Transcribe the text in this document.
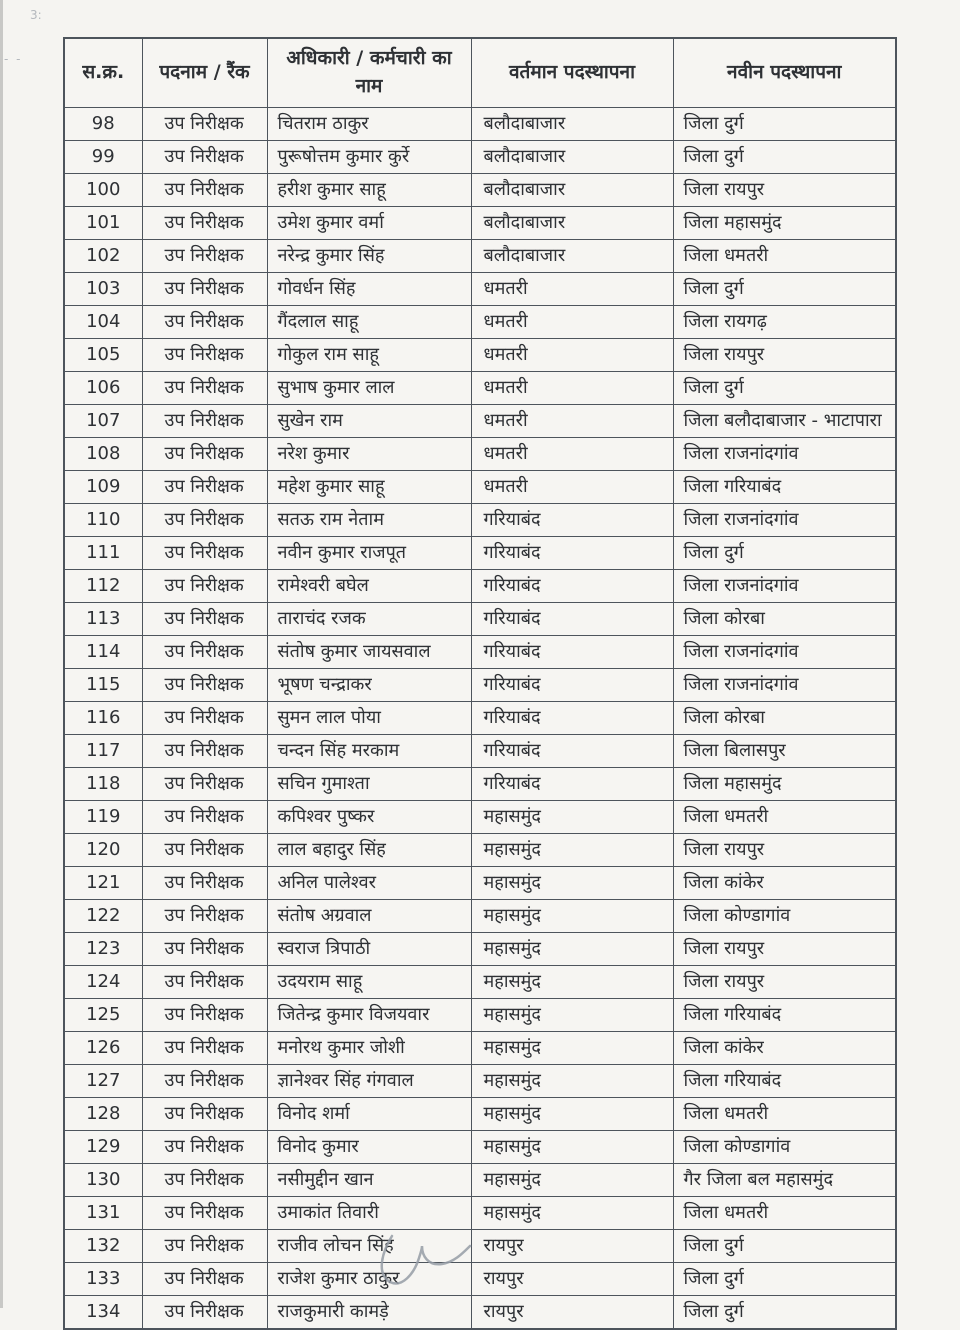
3:
- -
स.क्र.	पदनाम / रैंक	अधिकारी / कर्मचारी का नाम	वर्तमान पदस्थापना	नवीन पदस्थापना
98	उप निरीक्षक	चितराम ठाकुर	बलौदाबाजार	जिला दुर्ग
99	उप निरीक्षक	पुरूषोत्तम कुमार कुर्रे	बलौदाबाजार	जिला दुर्ग
100	उप निरीक्षक	हरीश कुमार साहू	बलौदाबाजार	जिला रायपुर
101	उप निरीक्षक	उमेश कुमार वर्मा	बलौदाबाजार	जिला महासमुंद
102	उप निरीक्षक	नरेन्द्र कुमार सिंह	बलौदाबाजार	जिला धमतरी
103	उप निरीक्षक	गोवर्धन सिंह	धमतरी	जिला दुर्ग
104	उप निरीक्षक	गैंदलाल साहू	धमतरी	जिला रायगढ़
105	उप निरीक्षक	गोकुल राम साहू	धमतरी	जिला रायपुर
106	उप निरीक्षक	सुभाष कुमार लाल	धमतरी	जिला दुर्ग
107	उप निरीक्षक	सुखेन राम	धमतरी	जिला बलौदाबाजार - भाटापारा
108	उप निरीक्षक	नरेश कुमार	धमतरी	जिला राजनांदगांव
109	उप निरीक्षक	महेश कुमार साहू	धमतरी	जिला गरियाबंद
110	उप निरीक्षक	सतऊ राम नेताम	गरियाबंद	जिला राजनांदगांव
111	उप निरीक्षक	नवीन कुमार राजपूत	गरियाबंद	जिला दुर्ग
112	उप निरीक्षक	रामेश्वरी बघेल	गरियाबंद	जिला राजनांदगांव
113	उप निरीक्षक	ताराचंद रजक	गरियाबंद	जिला कोरबा
114	उप निरीक्षक	संतोष कुमार जायसवाल	गरियाबंद	जिला राजनांदगांव
115	उप निरीक्षक	भूषण चन्द्राकर	गरियाबंद	जिला राजनांदगांव
116	उप निरीक्षक	सुमन लाल पोया	गरियाबंद	जिला कोरबा
117	उप निरीक्षक	चन्दन सिंह मरकाम	गरियाबंद	जिला बिलासपुर
118	उप निरीक्षक	सचिन गुमाश्ता	गरियाबंद	जिला महासमुंद
119	उप निरीक्षक	कपिश्वर पुष्कर	महासमुंद	जिला धमतरी
120	उप निरीक्षक	लाल बहादुर सिंह	महासमुंद	जिला रायपुर
121	उप निरीक्षक	अनिल पालेश्वर	महासमुंद	जिला कांकेर
122	उप निरीक्षक	संतोष अग्रवाल	महासमुंद	जिला कोण्डागांव
123	उप निरीक्षक	स्वराज त्रिपाठी	महासमुंद	जिला रायपुर
124	उप निरीक्षक	उदयराम साहू	महासमुंद	जिला रायपुर
125	उप निरीक्षक	जितेन्द्र कुमार विजयवार	महासमुंद	जिला गरियाबंद
126	उप निरीक्षक	मनोरथ कुमार जोशी	महासमुंद	जिला कांकेर
127	उप निरीक्षक	ज्ञानेश्वर सिंह गंगवाल	महासमुंद	जिला गरियाबंद
128	उप निरीक्षक	विनोद शर्मा	महासमुंद	जिला धमतरी
129	उप निरीक्षक	विनोद कुमार	महासमुंद	जिला कोण्डागांव
130	उप निरीक्षक	नसीमुद्दीन खान	महासमुंद	गैर जिला बल महासमुंद
131	उप निरीक्षक	उमाकांत तिवारी	महासमुंद	जिला धमतरी
132	उप निरीक्षक	राजीव लोचन सिंह	रायपुर	जिला दुर्ग
133	उप निरीक्षक	राजेश कुमार ठाकुर	रायपुर	जिला दुर्ग
134	उप निरीक्षक	राजकुमारी कामड़े	रायपुर	जिला दुर्ग
